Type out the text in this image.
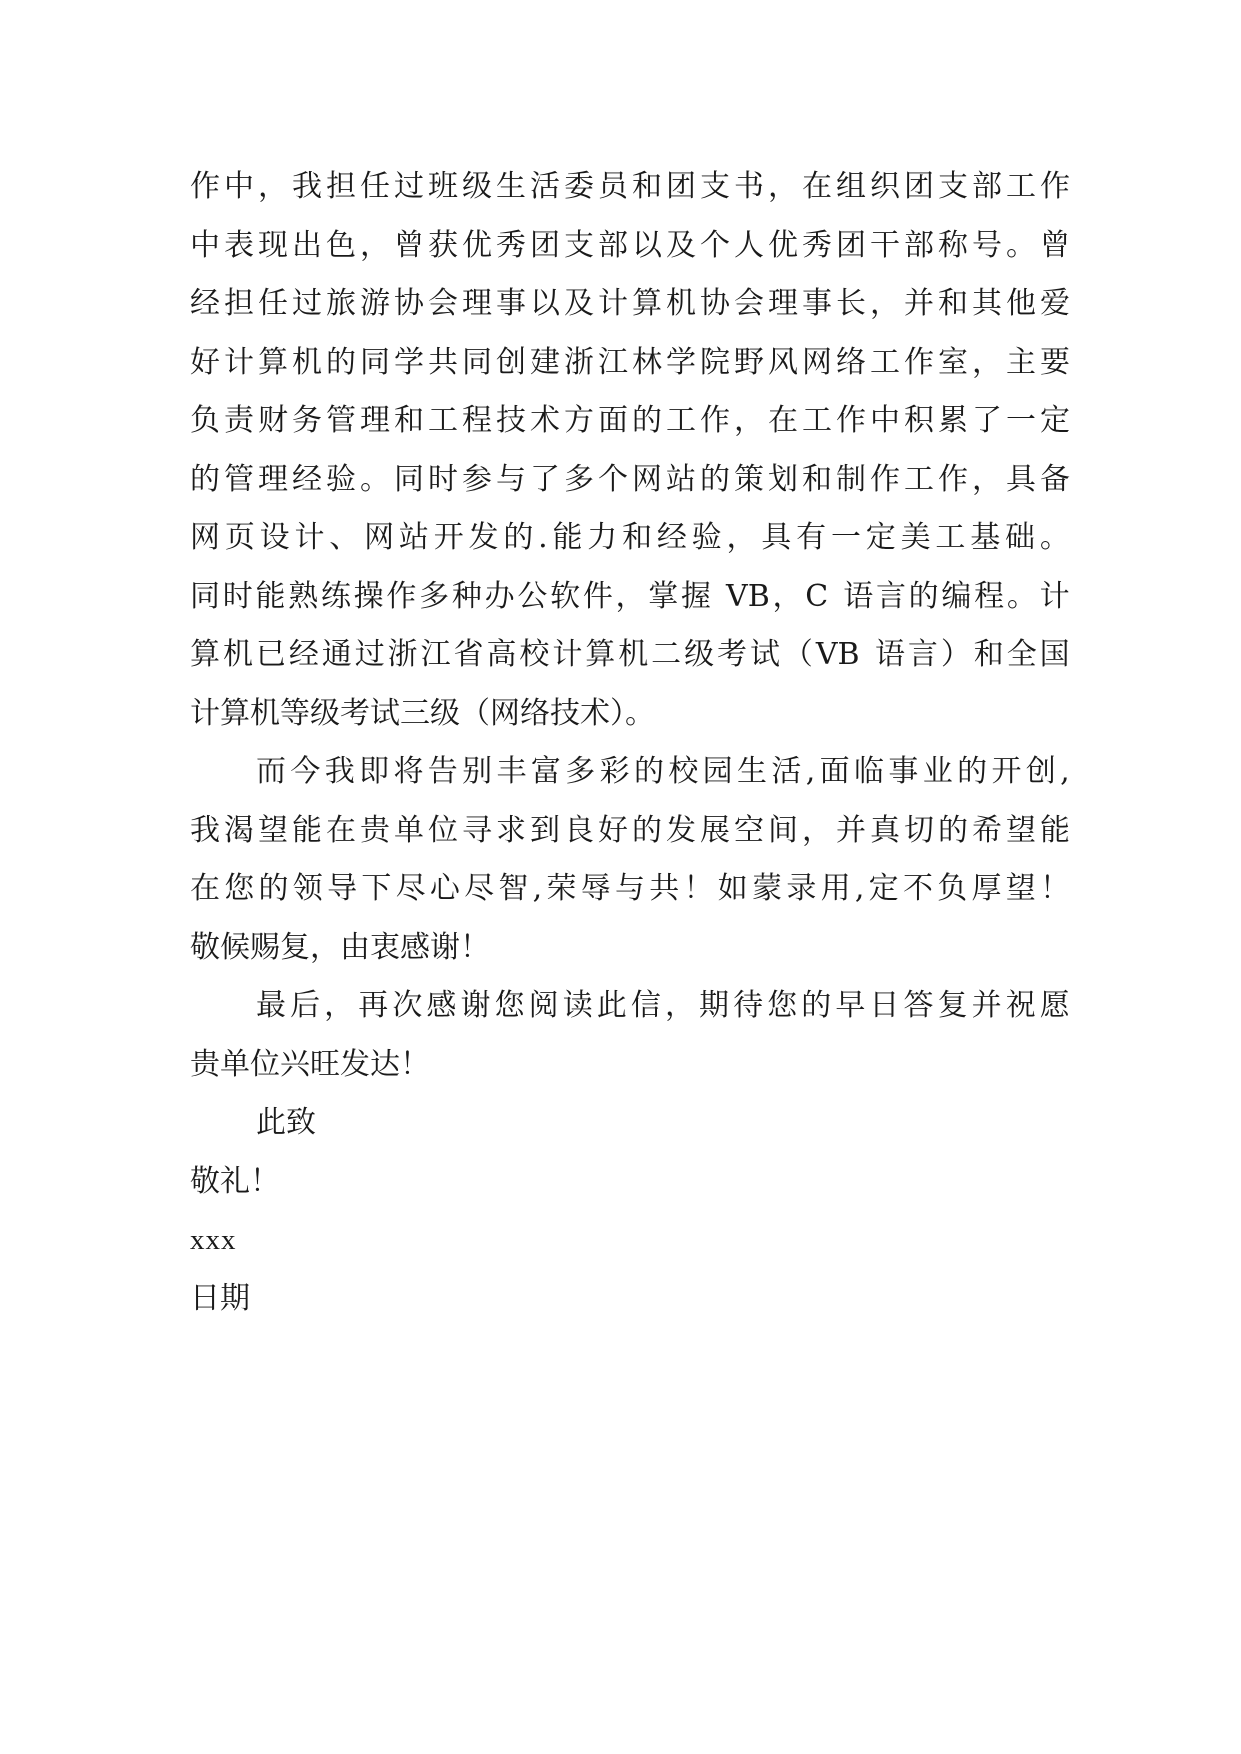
作 中 ， 我 担 任 过 班 级 生 活 委 员 和 团 支 书 ， 在 组 织 团 支 部 工 作
中 表 现 出 色 ， 曾 获 优 秀 团 支 部 以 及 个 人 优 秀 团 干 部 称 号 。 曾
经 担 任 过 旅 游 协 会 理 事 以 及 计 算 机 协 会 理 事 长 ， 并 和 其 他 爱
好 计 算 机 的 同 学 共 同 创 建 浙 江 林 学 院 野 风 网 络 工 作 室 ， 主 要
负 责 财 务 管 理 和 工 程 技 术 方 面 的 工 作 ， 在 工 作 中 积 累 了 一 定
的 管 理 经 验 。 同 时 参 与 了 多 个 网 站 的 策 划 和 制 作 工 作 ， 具 备
网 页 设 计 、 网 站 开 发 的 . 能 力 和 经 验 ， 具 有 一 定 美 工 基 础 。
同 时 能 熟 练 操 作 多 种 办 公 软 件 ， 掌 握
VB ， C
语 言 的 编 程 。 计
算 机 已 经 通 过 浙 江 省 高 校 计 算 机 二 级 考 试 （ VB
语 言 ） 和 全 国
计算机等级考试三级（网络技术）。
而 今 我 即 将 告 别 丰 富 多 彩 的 校 园 生 活 , 面 临 事 业 的 开 创 ,
我 渴 望 能 在 贵 单 位 寻 求 到 良 好 的 发 展 空 间 ， 并 真 切 的 希 望 能
在 您 的 领 导 下 尽 心 尽 智 , 荣 辱 与 共 ！ 如 蒙 录 用 , 定 不 负 厚 望 ！
敬候赐复，由衷感谢！
最 后 ， 再 次 感 谢 您 阅 读 此 信 ， 期 待 您 的 早 日 答 复 并 祝 愿
贵单位兴旺发达！
此致
敬礼！
xxx
日期
